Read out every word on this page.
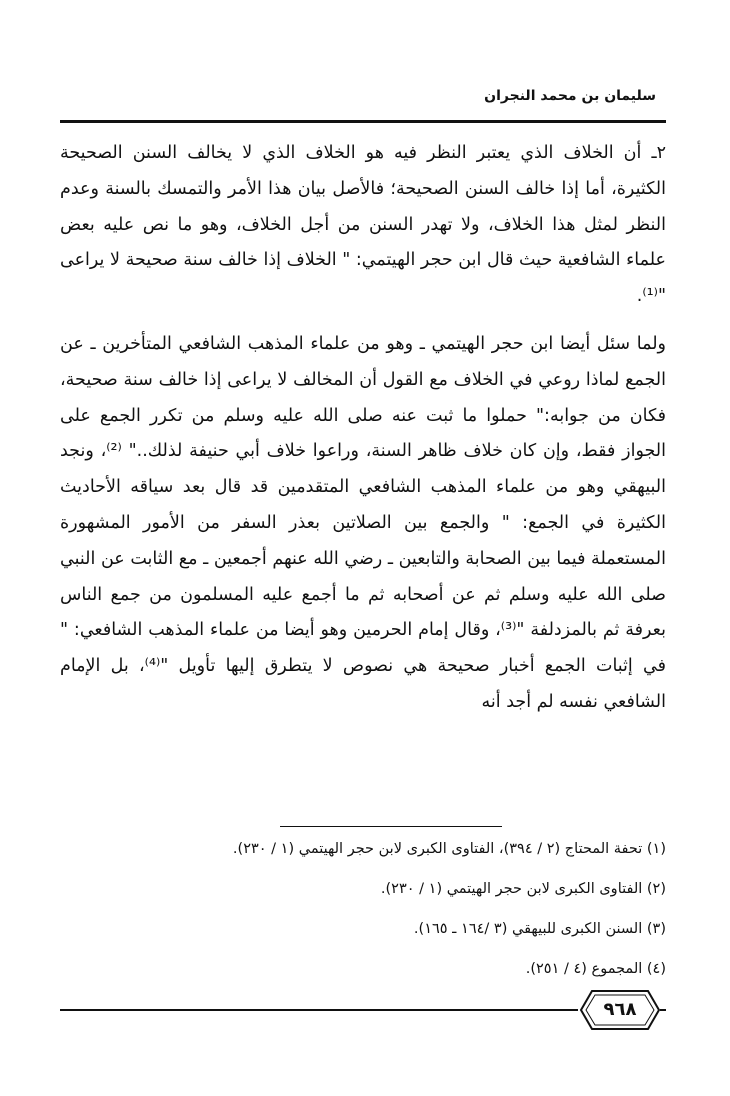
سليمان بن محمد النجران

٢ـ أن الخلاف الذي يعتبر النظر فيه هو الخلاف الذي لا يخالف السنن الصحيحة الكثيرة، أما إذا خالف السنن الصحيحة؛ فالأصل بيان هذا الأمر والتمسك بالسنة وعدم النظر لمثل هذا الخلاف، ولا تهدر السنن من أجل الخلاف، وهو ما نص عليه بعض علماء الشافعية حيث قال ابن حجر الهيتمي: " الخلاف إذا خالف سنة صحيحة لا يراعى "⁽¹⁾.

ولما سئل أيضا ابن حجر الهيتمي ـ وهو من علماء المذهب الشافعي المتأخرين ـ عن الجمع لماذا روعي في الخلاف مع القول أن المخالف لا يراعى إذا خالف سنة صحيحة، فكان من جوابه:" حملوا ما ثبت عنه صلى الله عليه وسلم من تكرر الجمع على الجواز فقط، وإن كان خلاف ظاهر السنة، وراعوا خلاف أبي حنيفة لذلك.." ⁽²⁾، ونجد البيهقي وهو من علماء المذهب الشافعي المتقدمين قد قال بعد سياقه الأحاديث الكثيرة في الجمع: " والجمع بين الصلاتين بعذر السفر من الأمور المشهورة المستعملة فيما بين الصحابة والتابعين ـ رضي الله عنهم أجمعين ـ مع الثابت عن النبي صلى الله عليه وسلم ثم عن أصحابه ثم ما أجمع عليه المسلمون من جمع الناس بعرفة ثم بالمزدلفة "⁽³⁾، وقال إمام الحرمين وهو أيضا من علماء المذهب الشافعي: " في إثبات الجمع أخبار صحيحة هي نصوص لا يتطرق إليها تأويل "⁽⁴⁾، بل الإمام الشافعي نفسه لم أجد أنه

(١) تحفة المحتاج (٢ / ٣٩٤)، الفتاوى الكبرى لابن حجر الهيتمي (١ / ٢٣٠).

(٢) الفتاوى الكبرى لابن حجر الهيتمي (١ / ٢٣٠).

(٣) السنن الكبرى للبيهقي (٣ /١٦٤ ـ ١٦٥).

(٤) المجموع (٤ / ٢٥١).

٩٦٨
